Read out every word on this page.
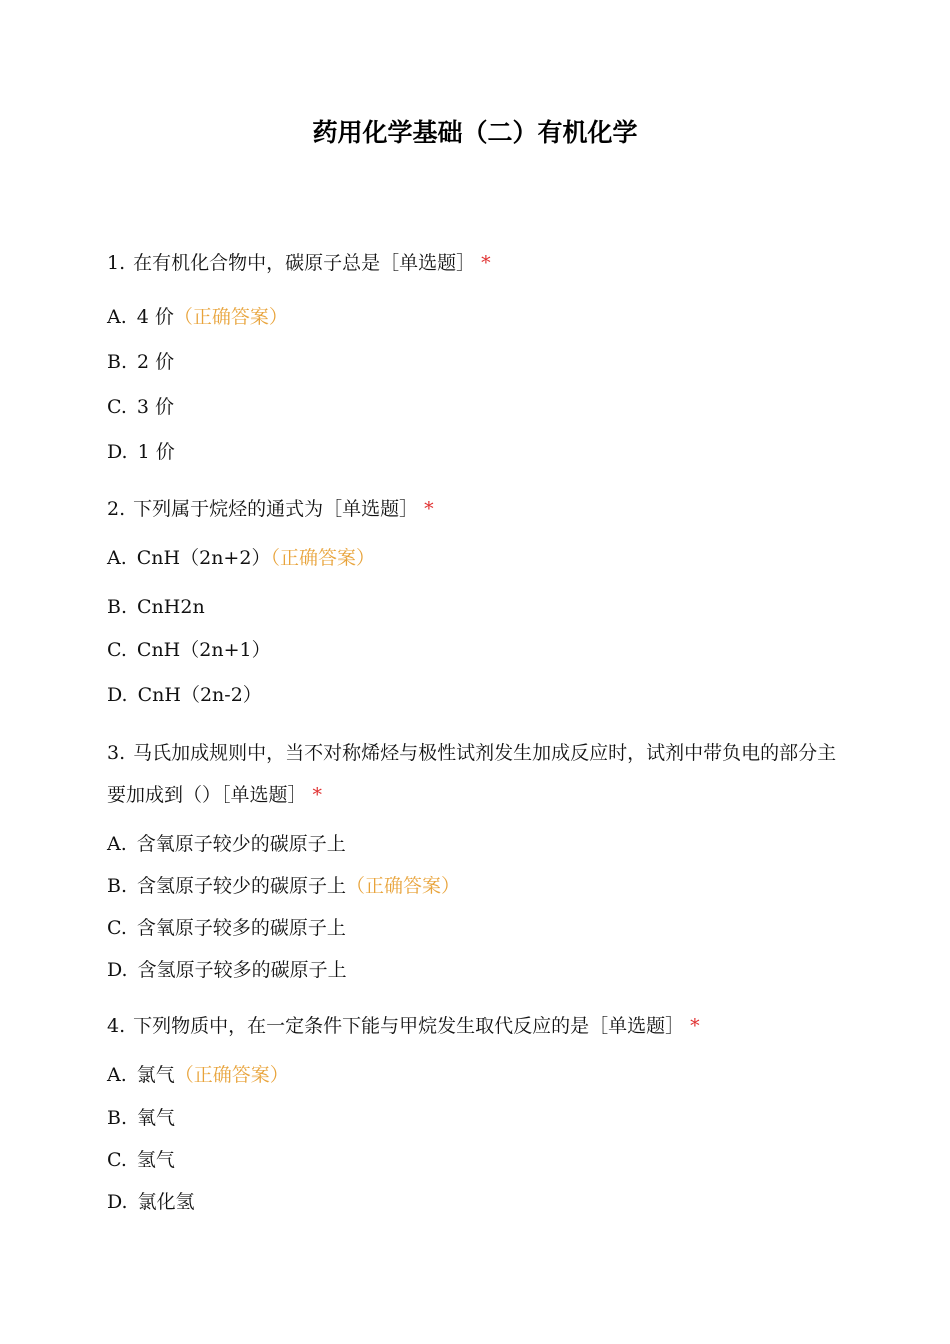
药用化学基础（二）有机化学
1. 在有机化合物中，碳原子总是［单选题］ *
A. 4 价（正确答案）
B. 2 价
C. 3 价
D. 1 价
2. 下列属于烷烃的通式为［单选题］ *
A. CnH（2n+2）（正确答案）
B. CnH2n
C. CnH（2n+1）
D. CnH（2n-2）
3. 马氏加成规则中，当不对称烯烃与极性试剂发生加成反应时，试剂中带负电的部分主要加成到（）［单选题］ *
A. 含氧原子较少的碳原子上
B. 含氢原子较少的碳原子上（正确答案）
C. 含氧原子较多的碳原子上
D. 含氢原子较多的碳原子上
4. 下列物质中，在一定条件下能与甲烷发生取代反应的是［单选题］ *
A. 氯气（正确答案）
B. 氧气
C. 氢气
D. 氯化氢
